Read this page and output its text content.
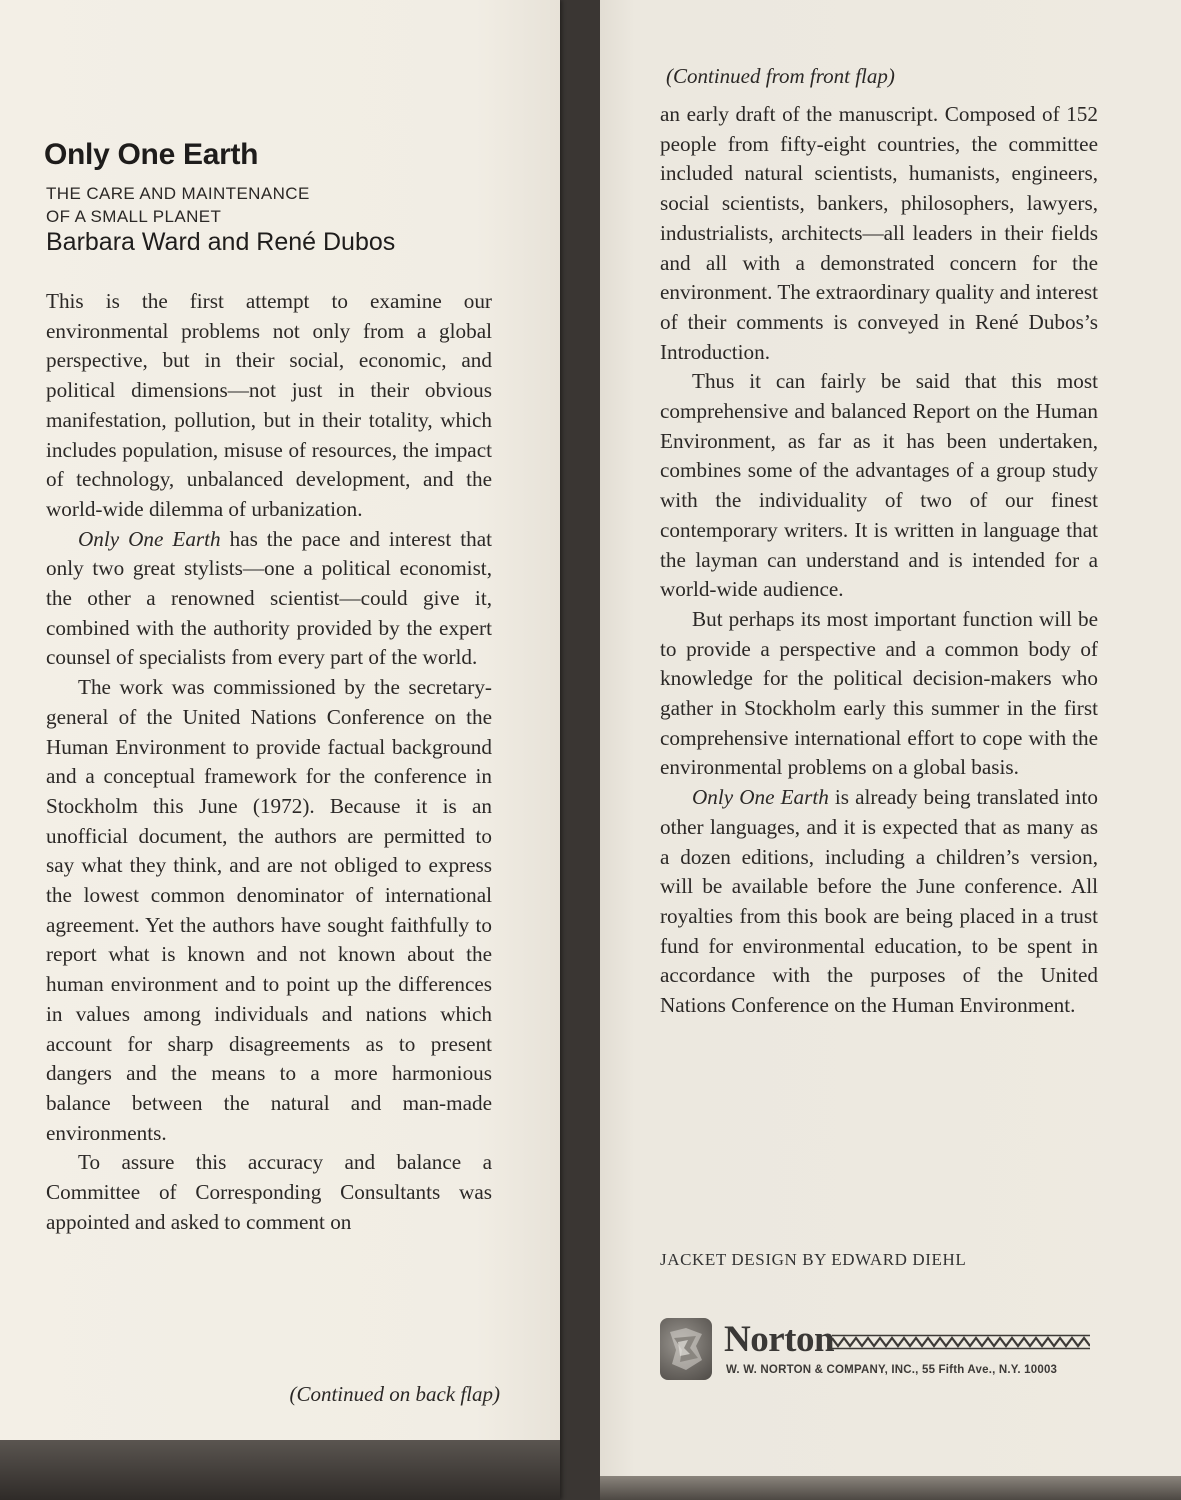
Only One Earth
THE CARE AND MAINTENANCE
OF A SMALL PLANET
Barbara Ward and René Dubos

This is the first attempt to examine our environmental problems not only from a global perspective, but in their social, economic, and political dimensions—not just in their obvious manifestation, pollution, but in their totality, which includes population, misuse of resources, the impact of technology, unbalanced development, and the world-wide dilemma of urbanization.

Only One Earth has the pace and interest that only two great stylists—one a political economist, the other a renowned scientist—could give it, combined with the authority provided by the expert counsel of specialists from every part of the world.

The work was commissioned by the secretary-general of the United Nations Conference on the Human Environment to provide factual background and a conceptual framework for the conference in Stockholm this June (1972). Because it is an unofficial document, the authors are permitted to say what they think, and are not obliged to express the lowest common denominator of international agreement. Yet the authors have sought faithfully to report what is known and not known about the human environment and to point up the differences in values among individuals and nations which account for sharp disagreements as to present dangers and the means to a more harmonious balance between the natural and man-made environments.

To assure this accuracy and balance a Committee of Corresponding Consultants was appointed and asked to comment on

(Continued on back flap)
(Continued from front flap)

an early draft of the manuscript. Composed of 152 people from fifty-eight countries, the committee included natural scientists, humanists, engineers, social scientists, bankers, philosophers, lawyers, industrialists, architects—all leaders in their fields and all with a demonstrated concern for the environment. The extraordinary quality and interest of their comments is conveyed in René Dubos’s Introduction.

Thus it can fairly be said that this most comprehensive and balanced Report on the Human Environment, as far as it has been undertaken, combines some of the advantages of a group study with the individuality of two of our finest contemporary writers. It is written in language that the layman can understand and is intended for a world-wide audience.

But perhaps its most important function will be to provide a perspective and a common body of knowledge for the political decision-makers who gather in Stockholm early this summer in the first comprehensive international effort to cope with the environmental problems on a global basis.

Only One Earth is already being translated into other languages, and it is expected that as many as a dozen editions, including a children’s version, will be available before the June conference. All royalties from this book are being placed in a trust fund for environmental education, to be spent in accordance with the purposes of the United Nations Conference on the Human Environment.

JACKET DESIGN BY EDWARD DIEHL
Norton
W. W. NORTON & COMPANY, INC., 55 Fifth Ave., N.Y. 10003
